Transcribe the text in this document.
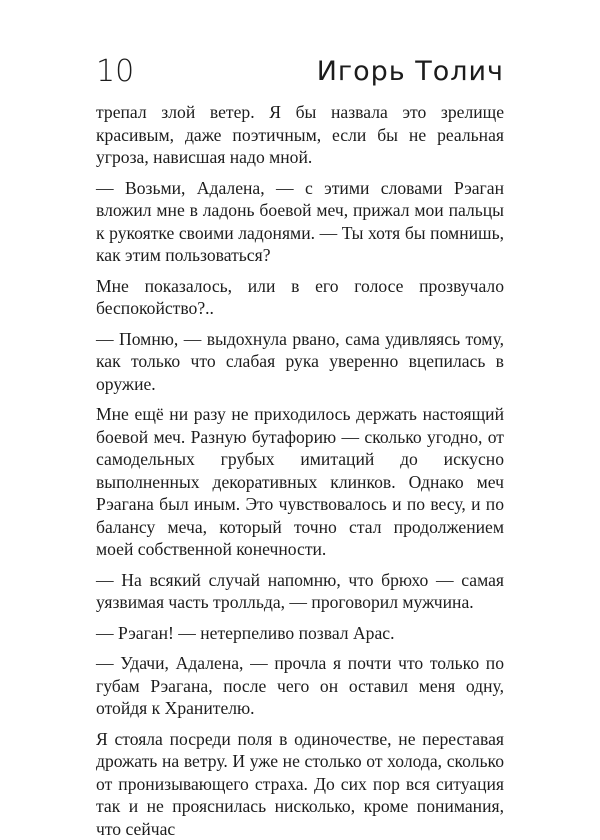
10	Игорь Толич

трепал злой ветер. Я бы назвала это зрелище красивым, даже поэтичным, если бы не реальная угроза, нависшая надо мной.

— Возьми, Адалена, — с этими словами Рэаган вложил мне в ладонь боевой меч, прижал мои пальцы к рукоятке своими ладонями. — Ты хотя бы помнишь, как этим пользоваться?

Мне показалось, или в его голосе прозвучало беспокойство?..

— Помню, — выдохнула рвано, сама удивляясь тому, как только что слабая рука уверенно вцепилась в оружие.

Мне ещё ни разу не приходилось держать настоящий боевой меч. Разную бутафорию — сколько угодно, от самодельных грубых имитаций до искусно выполненных декоративных клинков. Однако меч Рэагана был иным. Это чувствовалось и по весу, и по балансу меча, который точно стал продолжением моей собственной конечности.

— На всякий случай напомню, что брюхо — самая уязвимая часть тролльда, — проговорил мужчина.

— Рэаган! — нетерпеливо позвал Арас.

— Удачи, Адалена, — прочла я почти что только по губам Рэагана, после чего он оставил меня одну, отойдя к Хранителю.

Я стояла посреди поля в одиночестве, не переставая дрожать на ветру. И уже не столько от холода, сколько от пронизывающего страха. До сих пор вся ситуация так и не прояснилась нисколько, кроме понимания, что сейчас
